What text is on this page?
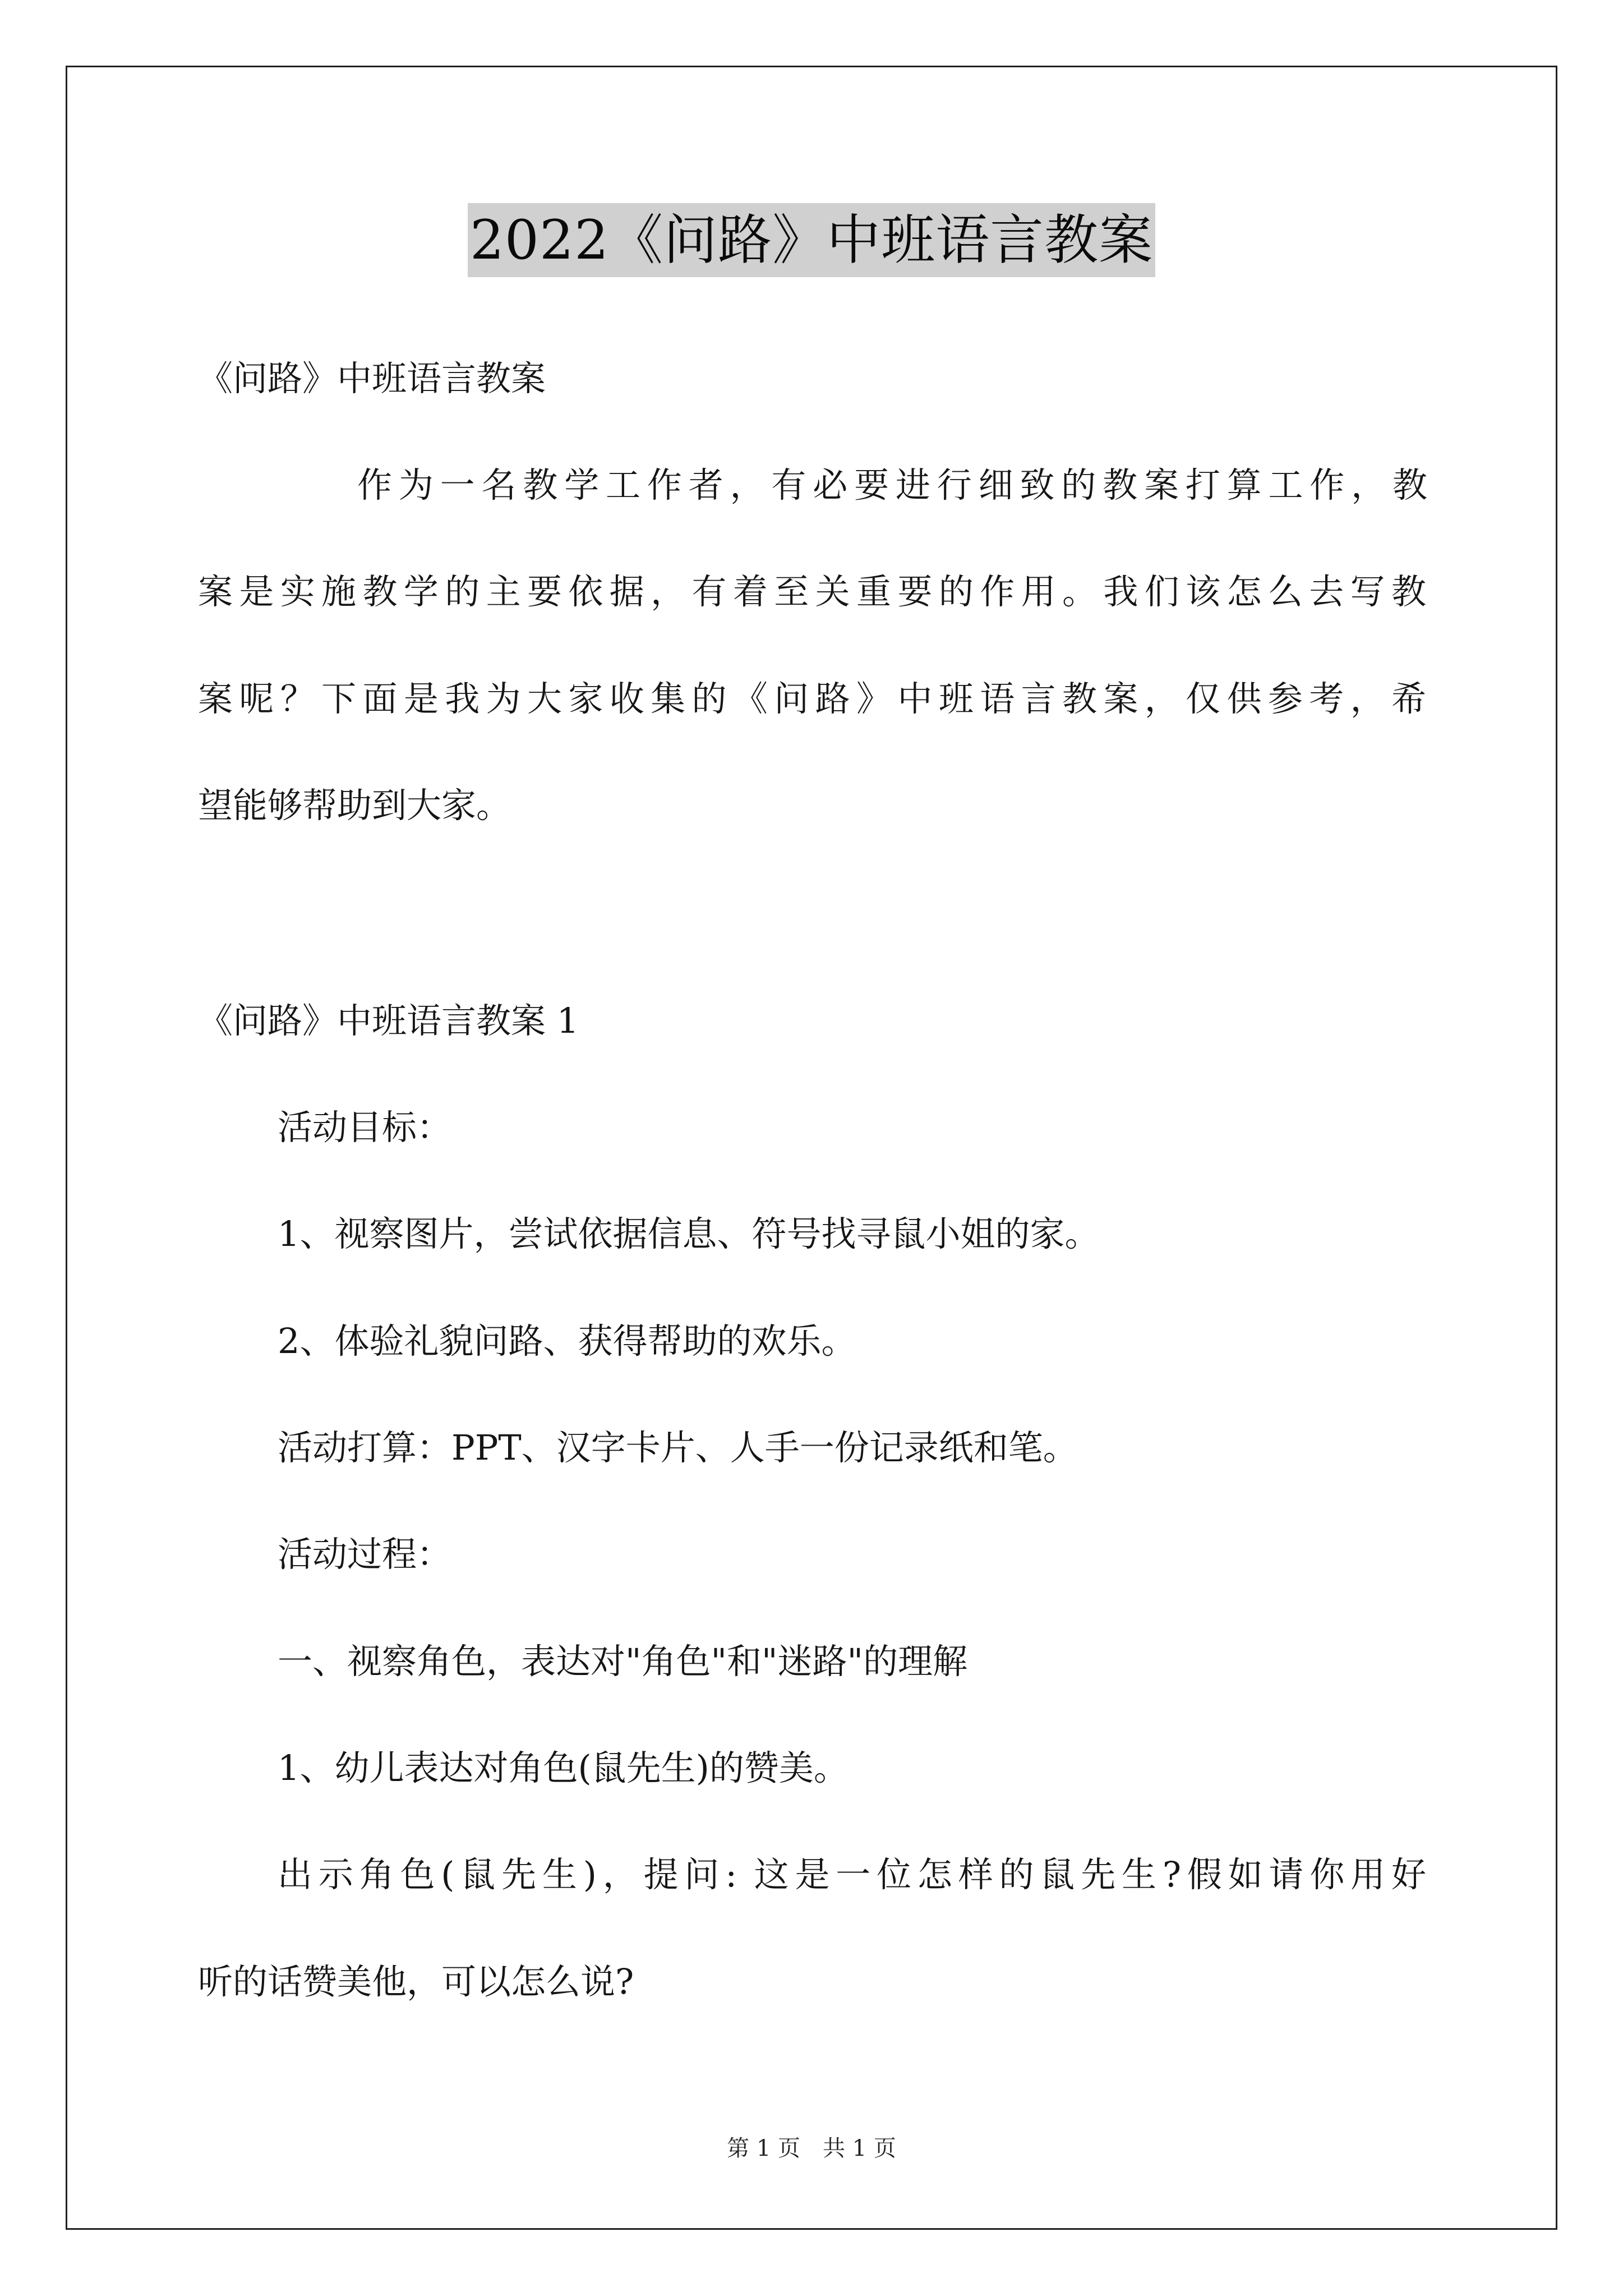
2022《问路》中班语言教案
《问路》中班语言教案
作为一名教学工作者，有必要进行细致的教案打算工作，教
案是实施教学的主要依据，有着至关重要的作用。我们该怎么去写教
案呢？下面是我为大家收集的《问路》中班语言教案，仅供参考，希
望能够帮助到大家。
《问路》中班语言教案 1
活动目标：
1、视察图片，尝试依据信息、符号找寻鼠小姐的家。
2、体验礼貌问路、获得帮助的欢乐。
活动打算：PPT、汉字卡片、人手一份记录纸和笔。
活动过程：
一、视察角色，表达对"角色"和"迷路"的理解
1、幼儿表达对角色(鼠先生)的赞美。
出示角色(鼠先生)，提问: 这是一位怎样的鼠先生?假如请你用好
听的话赞美他，可以怎么说?
第 1 页　共 1 页
